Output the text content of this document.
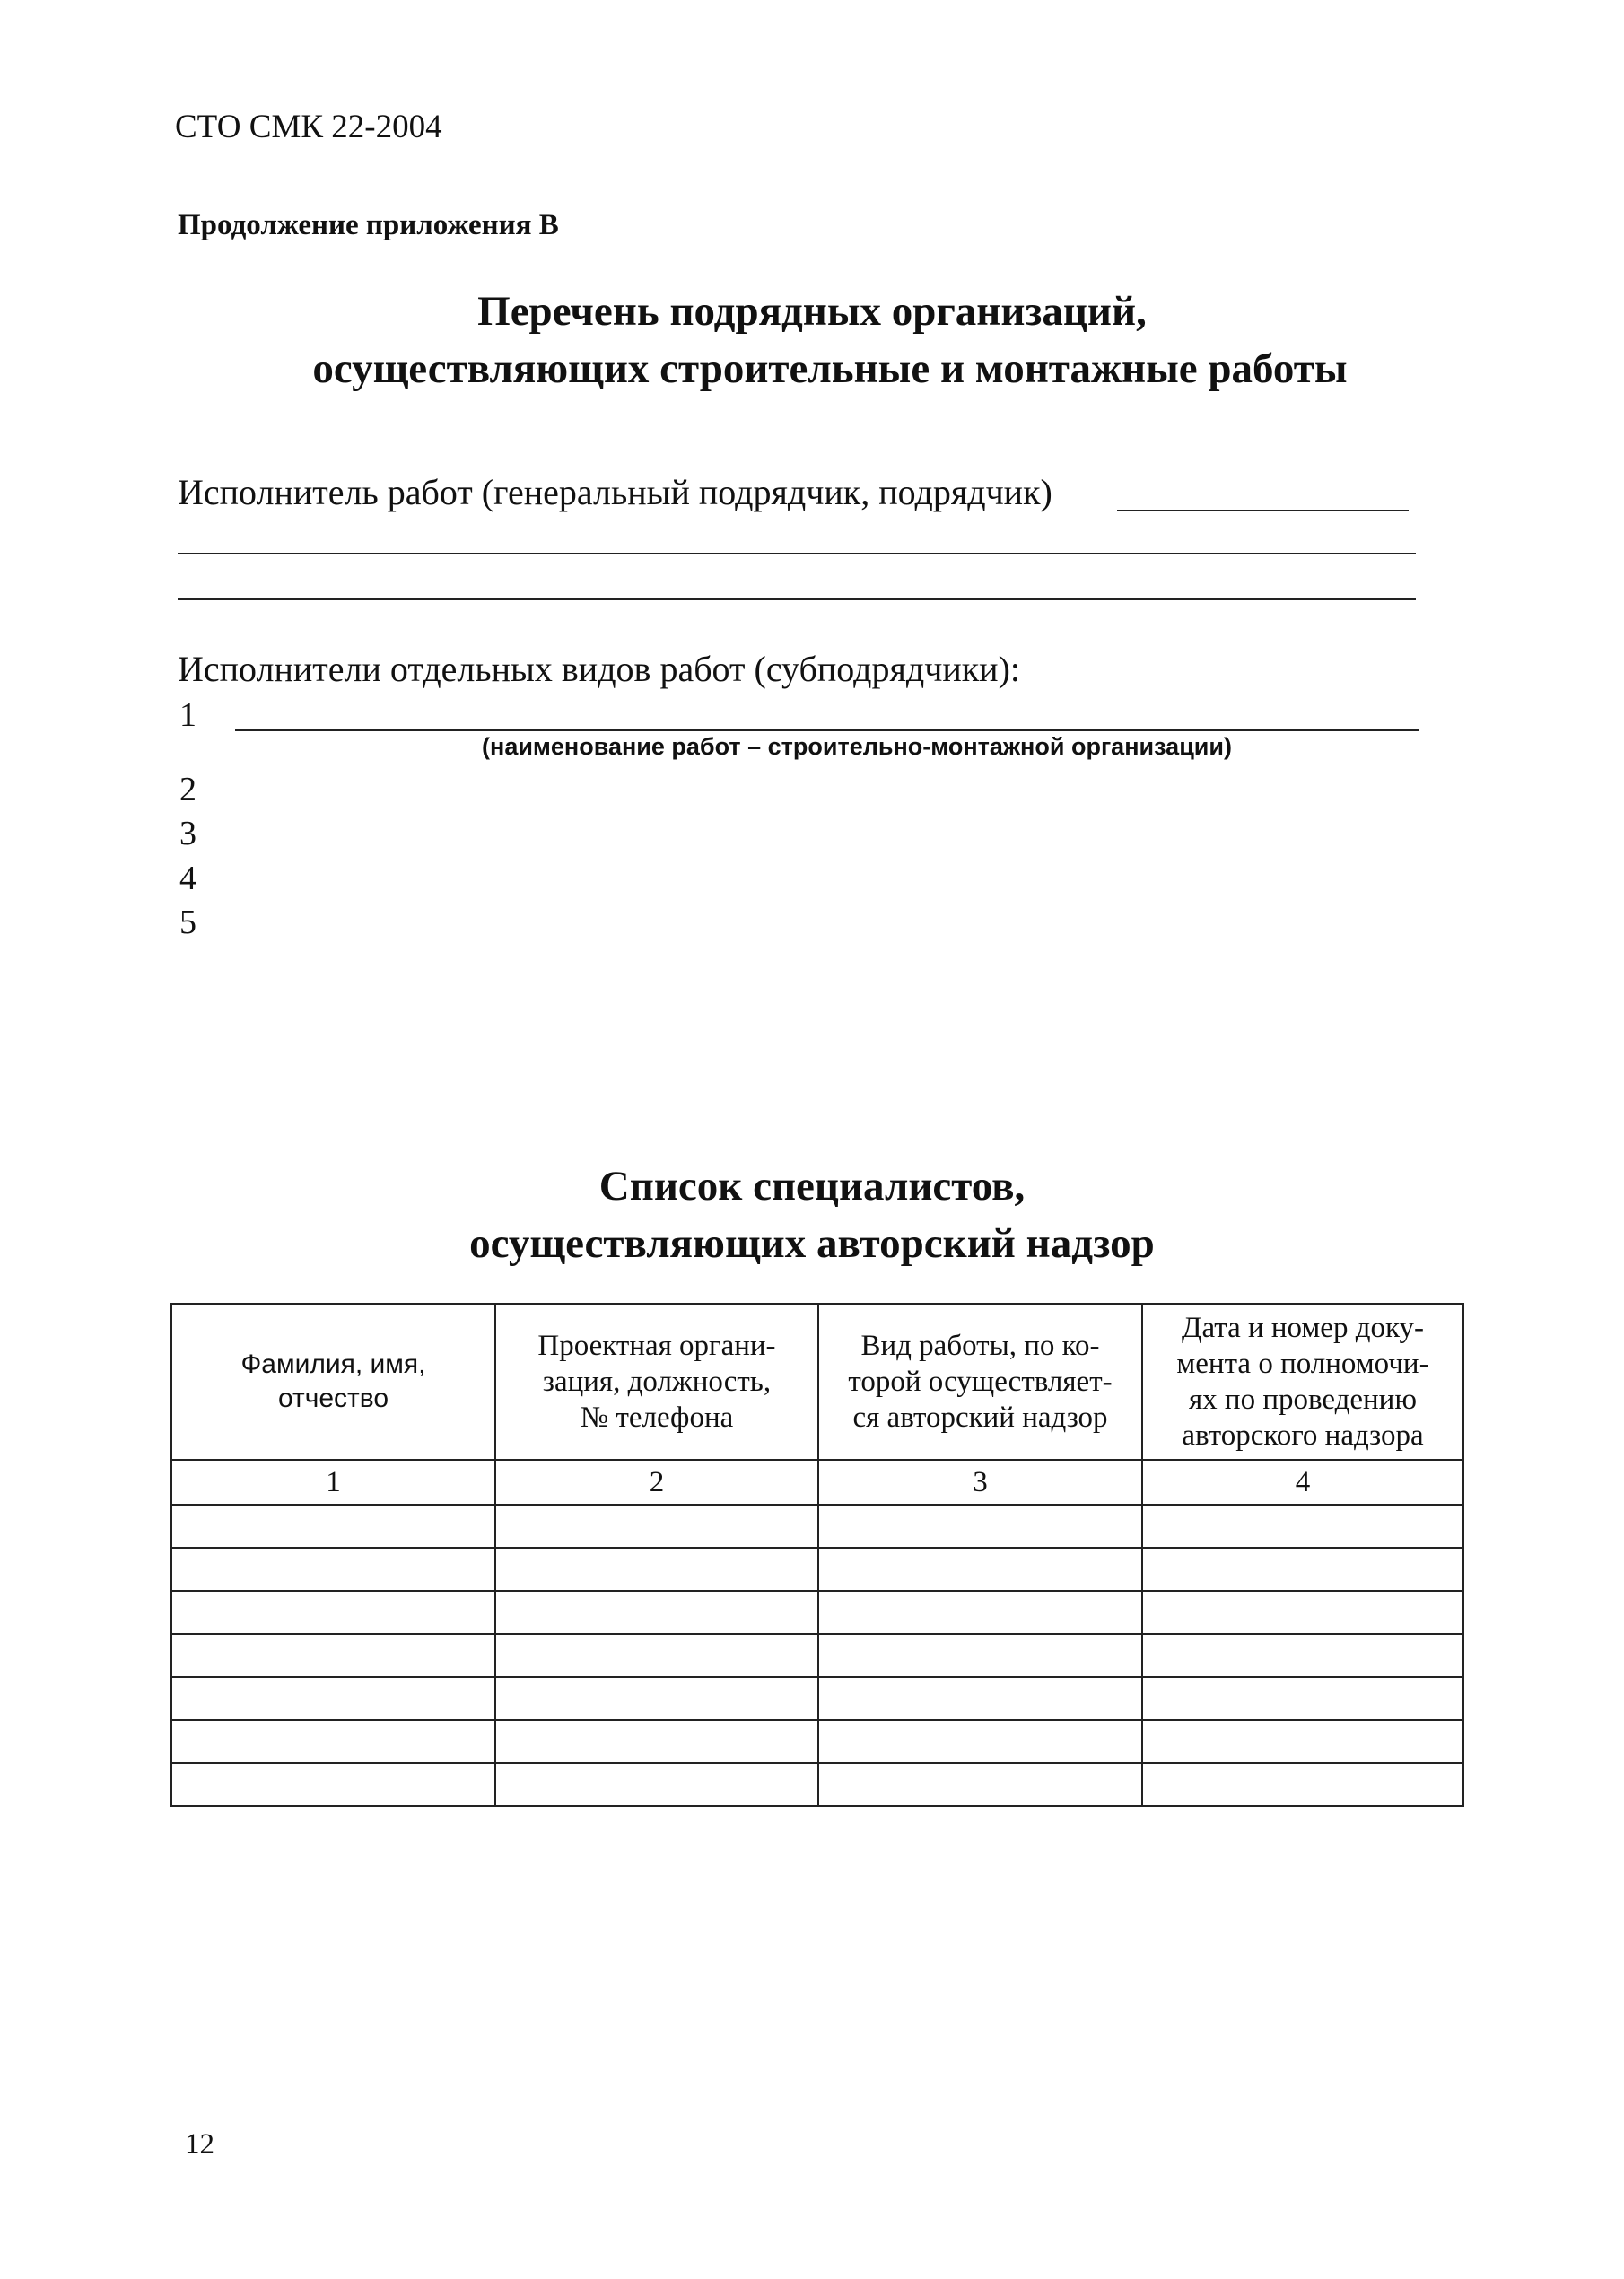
СТО СМК 22-2004
Продолжение приложения В
Перечень подрядных организаций,
осуществляющих строительные и монтажные работы
Исполнитель работ (генеральный подрядчик, подрядчик)
Исполнители отдельных видов работ (субподрядчики):
1
(наименование работ – строительно-монтажной организации)
2
3
4
5
Список специалистов,
осуществляющих авторский надзор
Фамилия, имя,
отчество	Проектная органи-
зация, должность,
№ телефона	Вид работы, по ко-
торой осуществляет-
ся авторский надзор	Дата и номер доку-
мента о полномочи-
ях по проведению
авторского надзора

1	2	3	4

12
